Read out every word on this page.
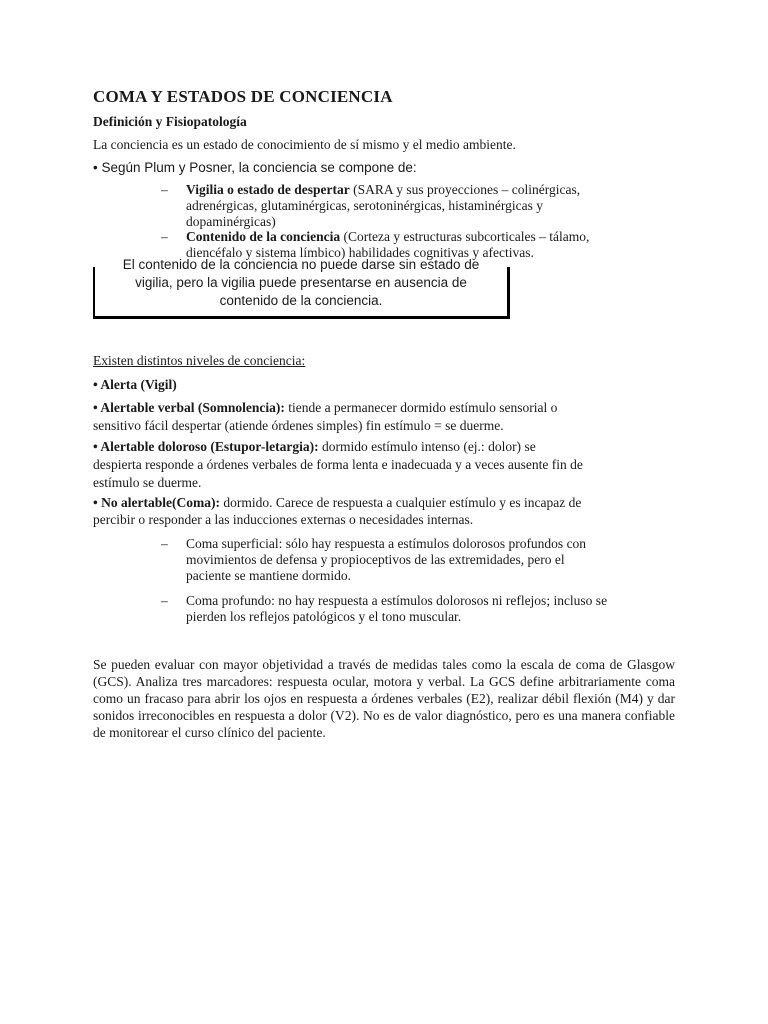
COMA Y ESTADOS DE CONCIENCIA
Definición y Fisiopatología
La conciencia es un estado de conocimiento de sí mismo y el medio ambiente.
• Según Plum y Posner, la conciencia se compone de:
– Vigilia o estado de despertar (SARA y sus proyecciones – colinérgicas,
adrenérgicas, glutaminérgicas, serotoninérgicas, histaminérgicas y
dopaminérgicas)
– Contenido de la conciencia (Corteza y estructuras subcorticales – tálamo,
diencéfalo y sistema límbico) habilidades cognitivas y afectivas.
El contenido de la conciencia no puede darse sin estado de
vigilia, pero la vigilia puede presentarse en ausencia de
contenido de la conciencia.
Existen distintos niveles de conciencia:
• Alerta (Vigil)
• Alertable verbal (Somnolencia): tiende a permanecer dormido estímulo sensorial o
sensitivo fácil despertar (atiende órdenes simples) fin estímulo = se duerme.
• Alertable doloroso (Estupor-letargia): dormido estímulo intenso (ej.: dolor) se
despierta responde a órdenes verbales de forma lenta e inadecuada y a veces ausente fin de
estímulo se duerme.
• No alertable(Coma): dormido. Carece de respuesta a cualquier estímulo y es incapaz de
percibir o responder a las inducciones externas o necesidades internas.
– Coma superficial: sólo hay respuesta a estímulos dolorosos profundos con
movimientos de defensa y propioceptivos de las extremidades, pero el
paciente se mantiene dormido.
– Coma profundo: no hay respuesta a estímulos dolorosos ni reflejos; incluso se
pierden los reflejos patológicos y el tono muscular.
Se pueden evaluar con mayor objetividad a través de medidas tales como la escala de coma de Glasgow (GCS). Analiza tres marcadores: respuesta ocular, motora y verbal. La GCS define arbitrariamente coma como un fracaso para abrir los ojos en respuesta a órdenes verbales (E2), realizar débil flexión (M4) y dar sonidos irreconocibles en respuesta a dolor (V2). No es de valor diagnóstico, pero es una manera confiable de monitorear el curso clínico del paciente.
